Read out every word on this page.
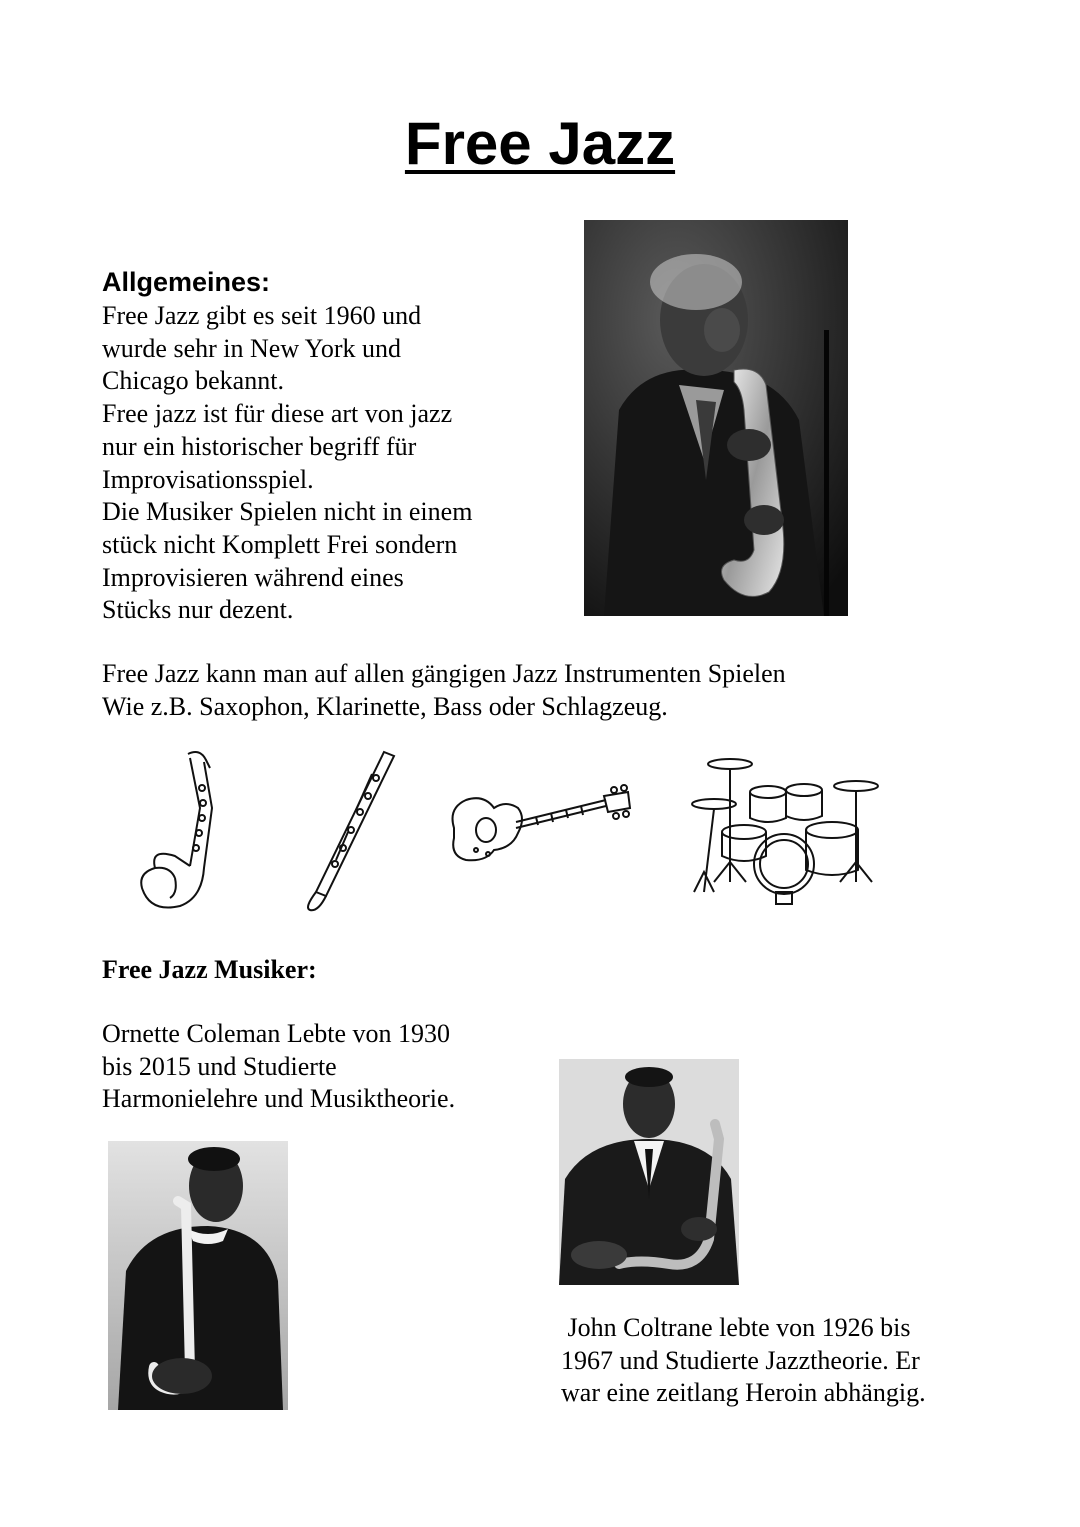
Free Jazz
Allgemeines:

Free Jazz gibt es seit 1960 und
wurde sehr in New York und
Chicago bekannt.
Free jazz ist für diese art von jazz
nur ein historischer begriff für
Improvisationsspiel.
Die Musiker Spielen nicht in einem
stück nicht Komplett Frei sondern
Improvisieren während eines
Stücks nur dezent.

Free Jazz kann man auf allen gängigen Jazz Instrumenten Spielen
Wie z.B. Saxophon, Klarinette, Bass oder Schlagzeug.

Free Jazz Musiker:

Ornette Coleman Lebte von 1930
bis 2015 und Studierte
Harmonielehre und Musiktheorie.

John Coltrane lebte von 1926 bis
1967 und Studierte Jazztheorie. Er
war eine zeitlang Heroin abhängig.
